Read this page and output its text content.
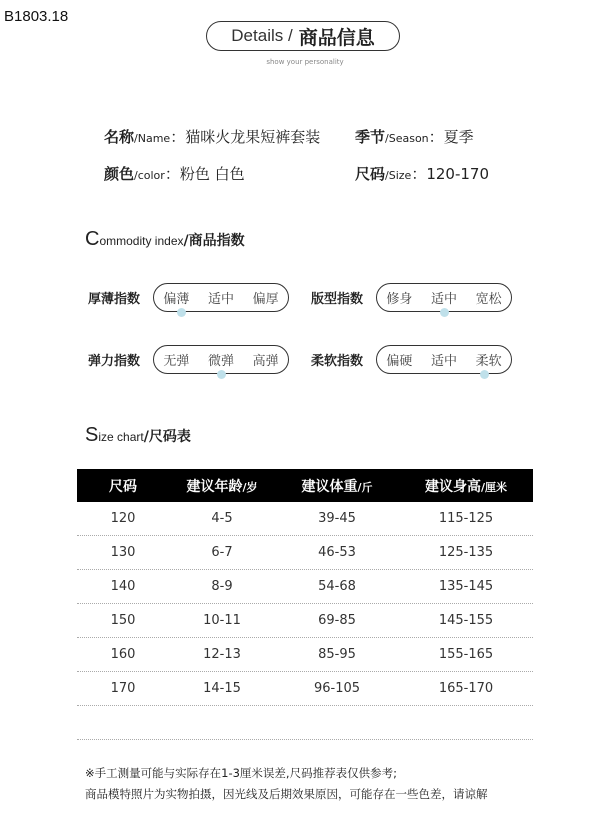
B1803.18
Details / 商品信息
show your personality
名称/Name：猫咪火龙果短裤套装 季节/Season：夏季
颜色/color：粉色 白色	尺码/Size：120-170
Commodity index/商品指数
厚薄指数 偏薄 适中 偏厚 版型指数 修身 适中 宽松
弹力指数 无弹 微弹 高弹 柔软指数 偏硬 适中 柔软
Size chart/尺码表
尺码	建议年龄/岁	建议体重/斤	建议身高/厘米
120	4-5	39-45	115-125
130	6-7	46-53	125-135
140	8-9	54-68	135-145
150	10-11	69-85	145-155
160	12-13	85-95	155-165
170	14-15	96-105	165-170
※手工测量可能与实际存在1-3厘米误差,尺码推荐表仅供参考;
商品模特照片为实物拍摄，因光线及后期效果原因，可能存在一些色差，请谅解
